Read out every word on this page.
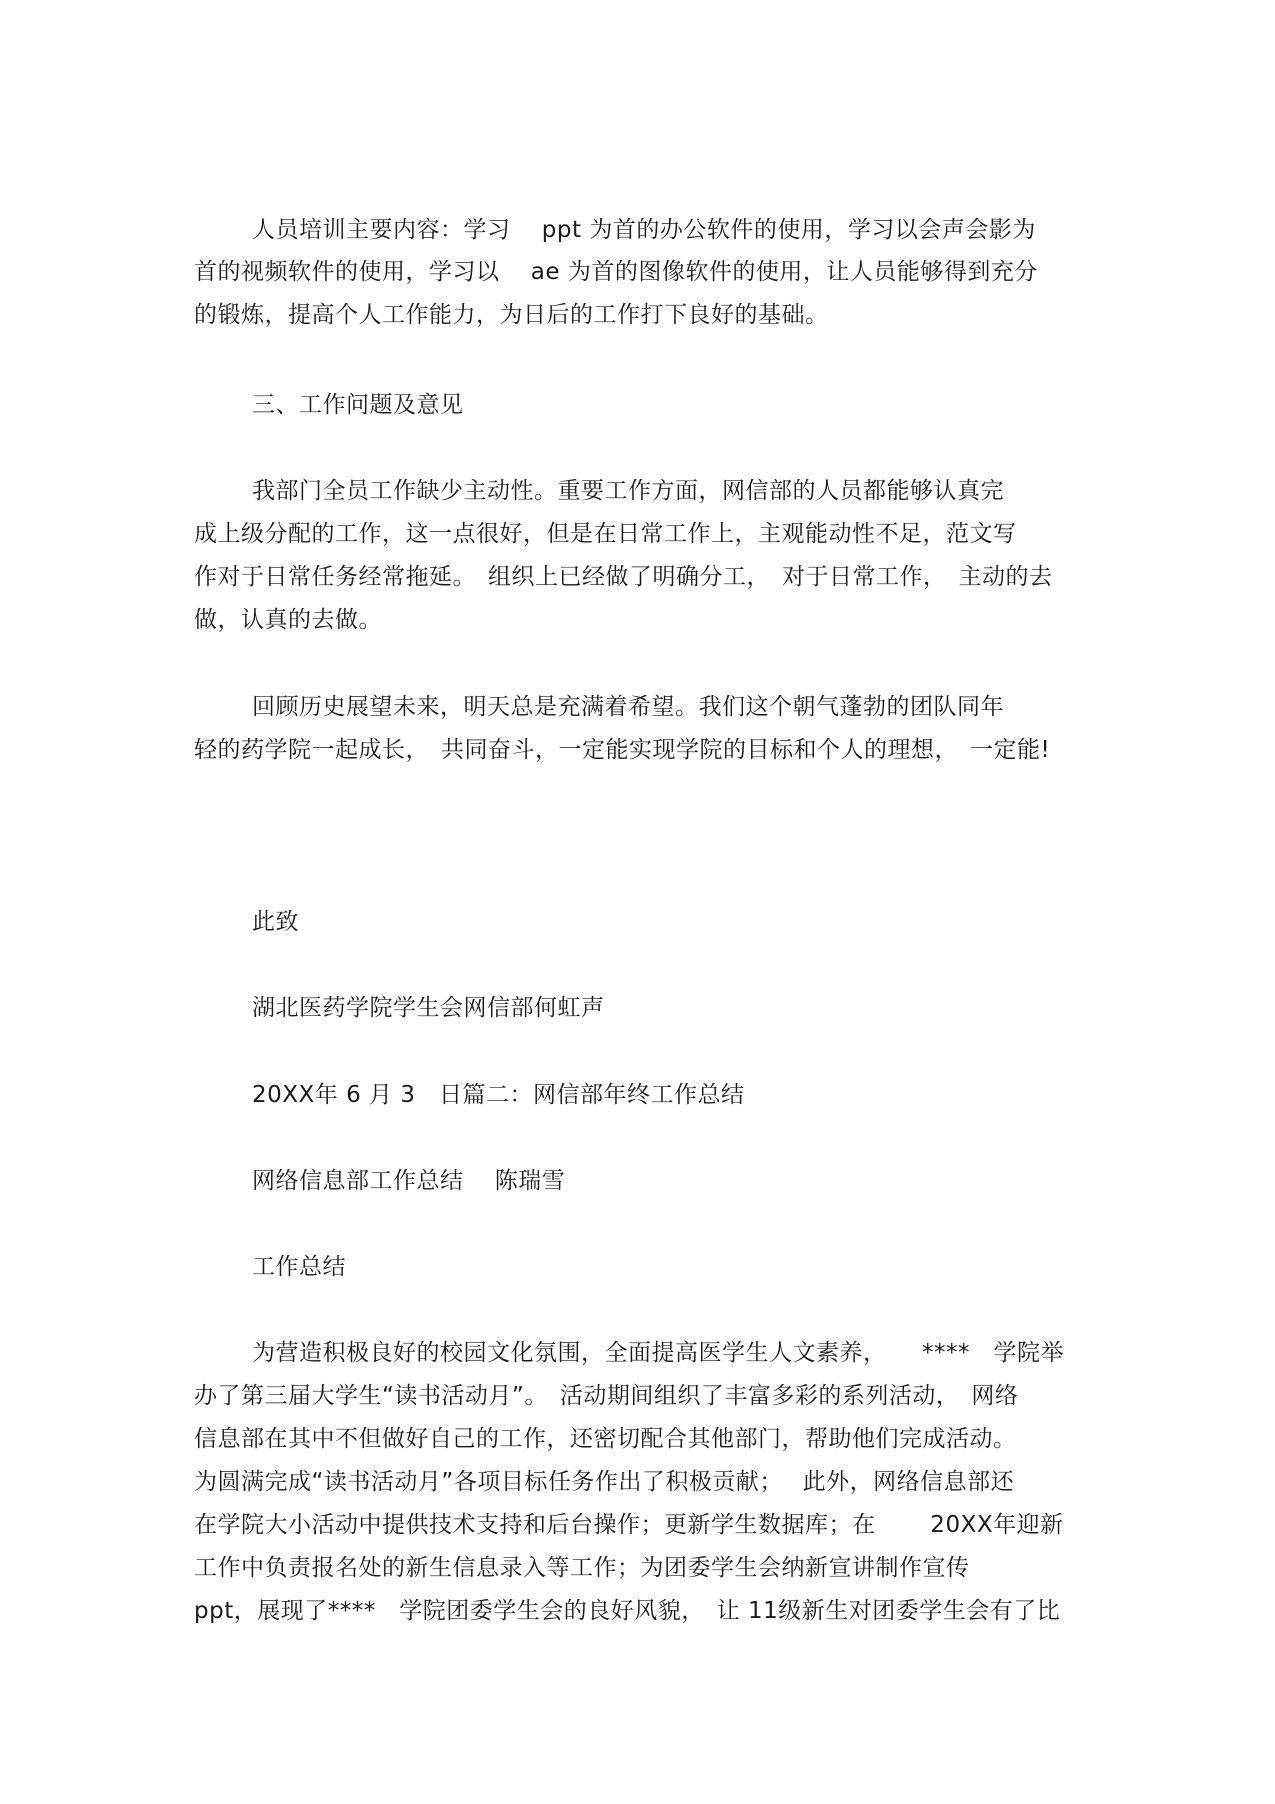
人员培训主要内容：学习　 ppt 为首的办公软件的使用，学习以会声会影为
首的视频软件的使用，学习以　 ae 为首的图像软件的使用，让人员能够得到充分
的锻炼，提高个人工作能力，为日后的工作打下良好的基础。
三、工作问题及意见
我部门全员工作缺少主动性。重要工作方面，网信部的人员都能够认真完
成上级分配的工作，这一点很好，但是在日常工作上，主观能动性不足，范文写
作对于日常任务经常拖延。　组织上已经做了明确分工，　对于日常工作，　主动的去
做，认真的去做。
回顾历史展望未来，明天总是充满着希望。我们这个朝气蓬勃的团队同年
轻的药学院一起成长，　共同奋斗，一定能实现学院的目标和个人的理想，　一定能!
此致
湖北医药学院学生会网信部何虹声
20XX年 6 月 3　日篇二：网信部年终工作总结
网络信息部工作总结　 陈瑞雪
工作总结
为营造积极良好的校园文化氛围，全面提高医学生人文素养，　　****　学院举
办了第三届大学生“读书活动月”。　活动期间组织了丰富多彩的系列活动，　网络
信息部在其中不但做好自己的工作，还密切配合其他部门，帮助他们完成活动。
为圆满完成“读书活动月”各项目标任务作出了积极贡献；　 此外，网络信息部还
在学院大小活动中提供技术支持和后台操作；更新学生数据库；在　　 20XX年迎新
工作中负责报名处的新生信息录入等工作；为团委学生会纳新宣讲制作宣传
ppt，展现了****　学院团委学生会的良好风貌，　让 11级新生对团委学生会有了比
